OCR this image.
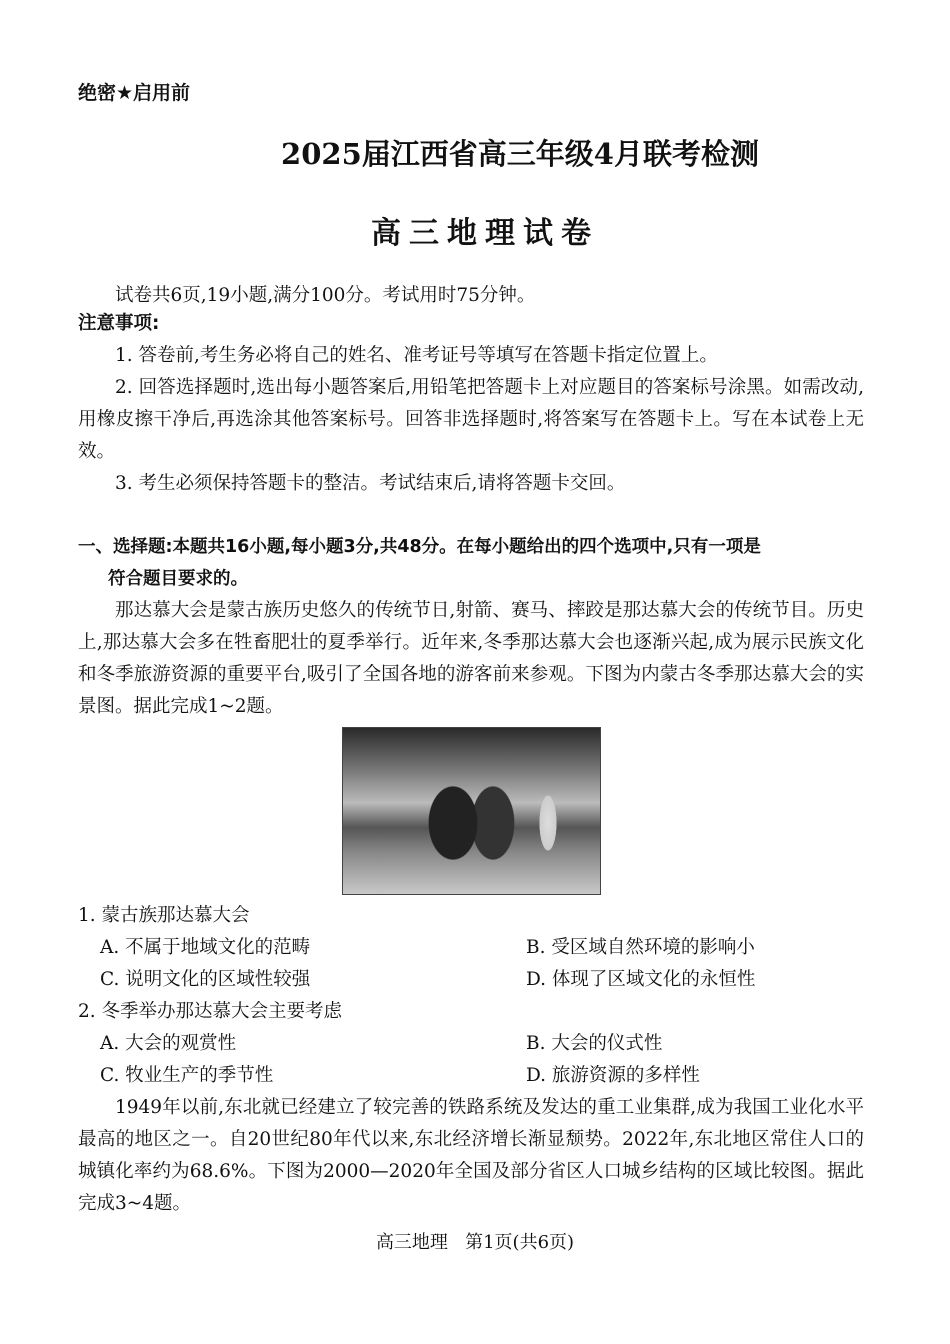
绝密★启用前
2025届江西省高三年级4月联考检测
高三地理试卷
试卷共6页,19小题,满分100分。考试用时75分钟。
注意事项:
1. 答卷前,考生务必将自己的姓名、准考证号等填写在答题卡指定位置上。
2. 回答选择题时,选出每小题答案后,用铅笔把答题卡上对应题目的答案标号涂黑。如需改动,用橡皮擦干净后,再选涂其他答案标号。回答非选择题时,将答案写在答题卡上。写在本试卷上无效。
3. 考生必须保持答题卡的整洁。考试结束后,请将答题卡交回。
一、选择题:本题共16小题,每小题3分,共48分。在每小题给出的四个选项中,只有一项是
符合题目要求的。
那达慕大会是蒙古族历史悠久的传统节日,射箭、赛马、摔跤是那达慕大会的传统节目。历史上,那达慕大会多在牲畜肥壮的夏季举行。近年来,冬季那达慕大会也逐渐兴起,成为展示民族文化和冬季旅游资源的重要平台,吸引了全国各地的游客前来参观。下图为内蒙古冬季那达慕大会的实景图。据此完成1~2题。
1. 蒙古族那达慕大会
A. 不属于地域文化的范畴	B. 受区域自然环境的影响小
C. 说明文化的区域性较强	D. 体现了区域文化的永恒性
2. 冬季举办那达慕大会主要考虑
A. 大会的观赏性	B. 大会的仪式性
C. 牧业生产的季节性	D. 旅游资源的多样性
1949年以前,东北就已经建立了较完善的铁路系统及发达的重工业集群,成为我国工业化水平最高的地区之一。自20世纪80年代以来,东北经济增长渐显颓势。2022年,东北地区常住人口的城镇化率约为68.6%。下图为2000—2020年全国及部分省区人口城乡结构的区域比较图。据此完成3~4题。
高三地理   第1页(共6页)
